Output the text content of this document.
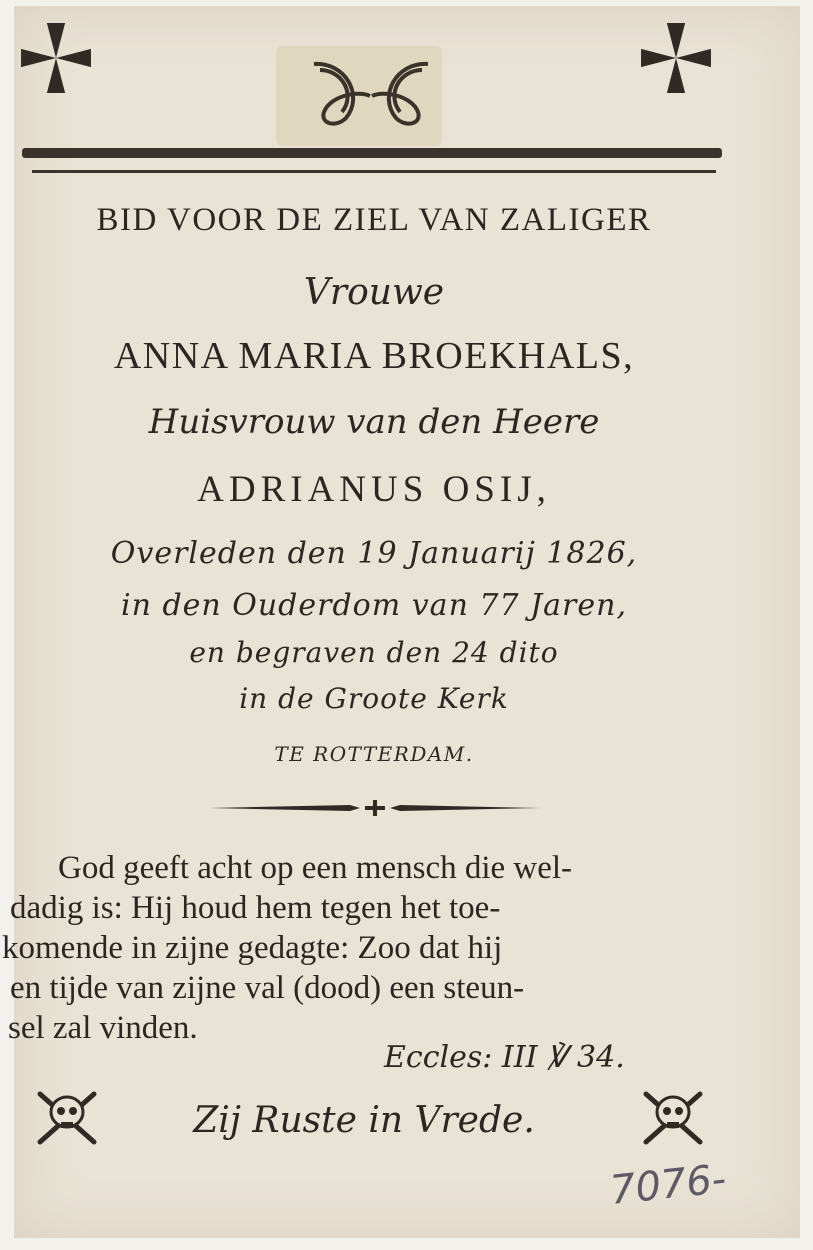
BID VOOR DE ZIEL VAN ZALIGER
Vrouwe
ANNA MARIA BROEKHALS,
Huisvrouw van den Heere
ADRIANUS OSIJ,
Overleden den 19 Januarij 1826,
in den Ouderdom van 77 Jaren,
en begraven den 24 dito
in de Groote Kerk
TE ROTTERDAM.
God geeft acht op een mensch die wel-
dadig is: Hij houd hem tegen het toe-
komende in zijne gedagte: Zoo dat hij
en tijde van zijne val (dood) een steun-
sel zal vinden.
Eccles: III ℣ 34.
Zij Ruste in Vrede.
7076-
